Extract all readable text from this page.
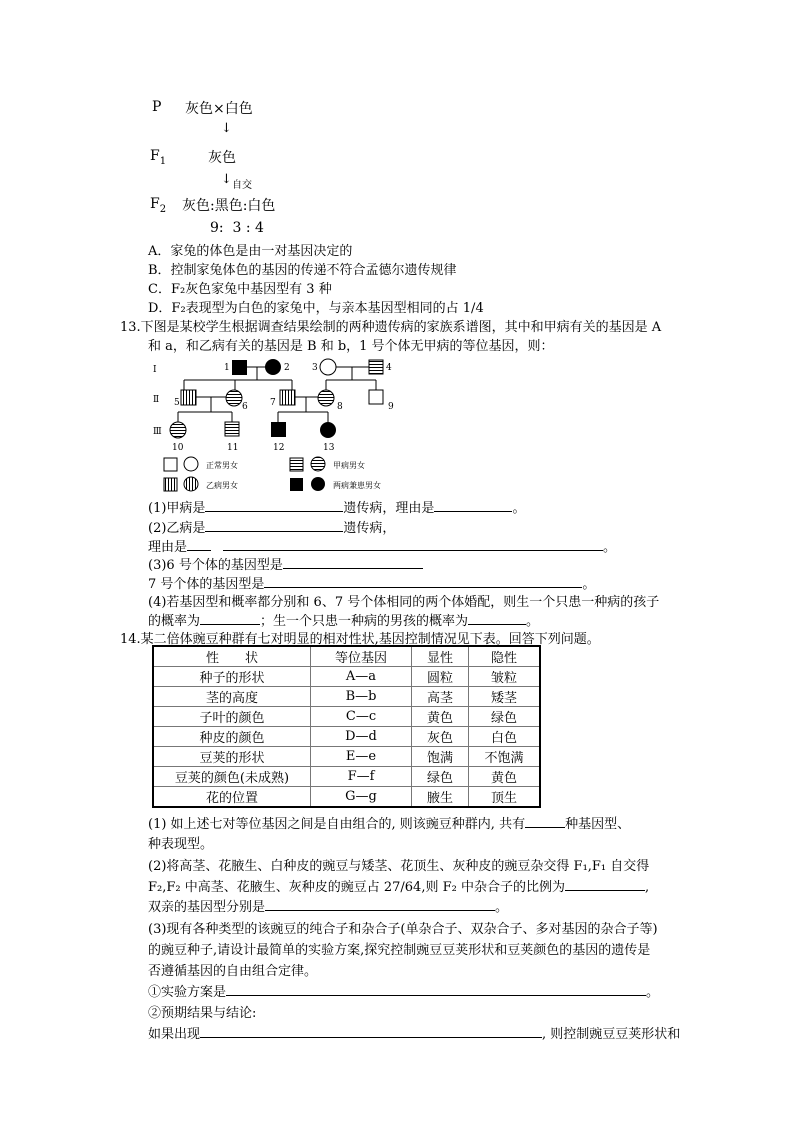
P 灰色×白色
↓
$F_1$	灰色
↓ 自交
$F_2$ 灰色:黑色:白色
9:  3 : 4
A．家兔的体色是由一对基因决定的
B．控制家兔体色的基因的传递不符合孟德尔遗传规律
C．F₂灰色家兔中基因型有 3 种
D．F₂表现型为白色的家兔中，与亲本基因型相同的占 1/4
13.下图是某校学生根据调查结果绘制的两种遗传病的家族系谱图，其中和甲病有关的基因是 A
和 a，和乙病有关的基因是 B 和 b，1 号个体无甲病的等位基因，则：
Ⅰ
Ⅱ
Ⅲ
1	2 3	4
5	6 7	8	9
10	11	12	13
正常男女	甲病男女
乙病男女	两病兼患男女
(1)甲病是	遗传病，理由是	。
(2)乙病是	遗传病，
理由是	。
(3)6 号个体的基因型是
7 号个体的基因型是	。
(4)若基因型和概率都分别和 6、7 号个体相同的两个体婚配，则生一个只患一种病的孩子
的概率为	；生一个只患一种病的男孩的概率为	。
14.某二倍体豌豆种群有七对明显的相对性状,基因控制情况见下表。回答下列问题。
性　　状	等位基因	显性	隐性
种子的形状	A—a	圆粒	皱粒
茎的高度	B—b	高茎	矮茎
子叶的颜色	C—c	黄色	绿色
种皮的颜色	D—d	灰色	白色
豆荚的形状	E—e	饱满	不饱满
豆荚的颜色(未成熟)	F—f	绿色	黄色
花的位置	G—g	腋生	顶生
(1) 如上述七对等位基因之间是自由组合的, 则该豌豆种群内, 共有	种基因型、
种表现型。
(2)将高茎、花腋生、白种皮的豌豆与矮茎、花顶生、灰种皮的豌豆杂交得 F₁,F₁ 自交得
F₂,F₂ 中高茎、花腋生、灰种皮的豌豆占 27/64,则 F₂ 中杂合子的比例为	,
双亲的基因型分别是	。
(3)现有各种类型的该豌豆的纯合子和杂合子(单杂合子、双杂合子、多对基因的杂合子等)
的豌豆种子,请设计最简单的实验方案,探究控制豌豆豆荚形状和豆荚颜色的基因的遗传是
否遵循基因的自由组合定律。
①实验方案是	。
②预期结果与结论:
如果出现	, 则控制豌豆豆荚形状和
